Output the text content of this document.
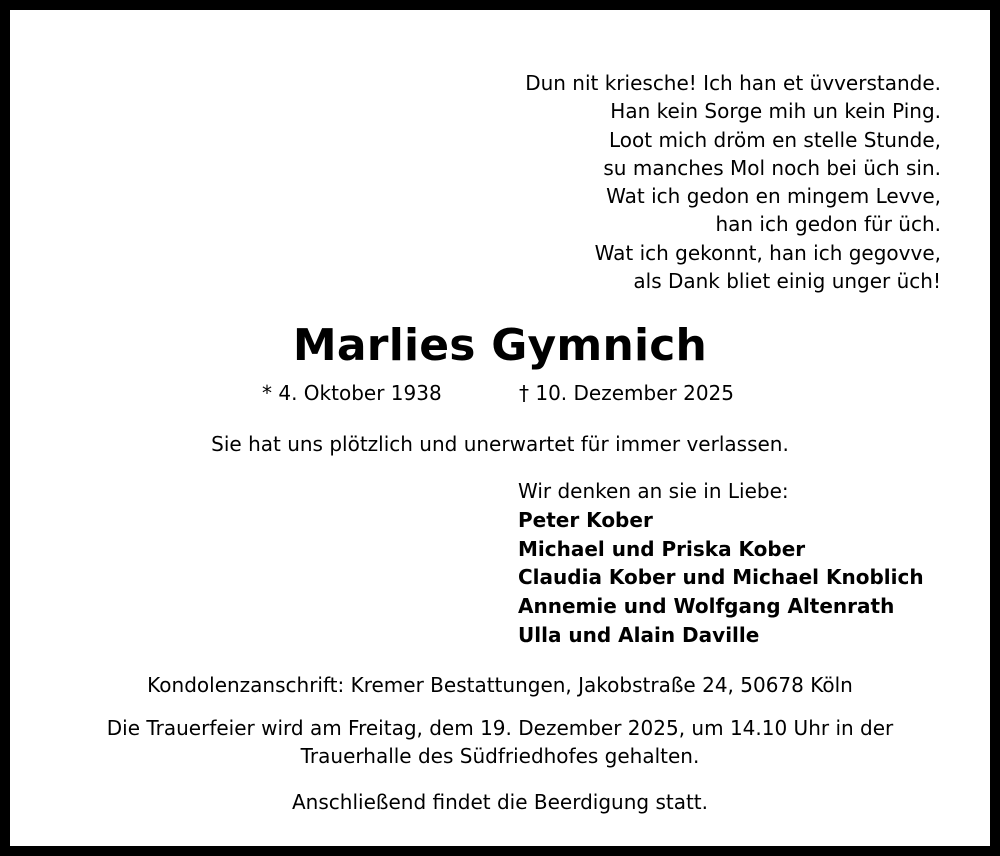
Dun nit kriesche! Ich han et üvverstande.
Han kein Sorge mih un kein Ping.
Loot mich dröm en stelle Stunde,
su manches Mol noch bei üch sin.
Wat ich gedon en mingem Levve,
han ich gedon für üch.
Wat ich gekonnt, han ich gegovve,
als Dank bliet einig unger üch!
Marlies Gymnich
* 4. Oktober 1938	† 10. Dezember 2025
Sie hat uns plötzlich und unerwartet für immer verlassen.
Wir denken an sie in Liebe:
Peter Kober
Michael und Priska Kober
Claudia Kober und Michael Knoblich
Annemie und Wolfgang Altenrath
Ulla und Alain Daville
Kondolenzanschrift: Kremer Bestattungen, Jakobstraße 24, 50678 Köln
Die Trauerfeier wird am Freitag, dem 19. Dezember 2025, um 14.10 Uhr in der
Trauerhalle des Südfriedhofes gehalten.
Anschließend findet die Beerdigung statt.
